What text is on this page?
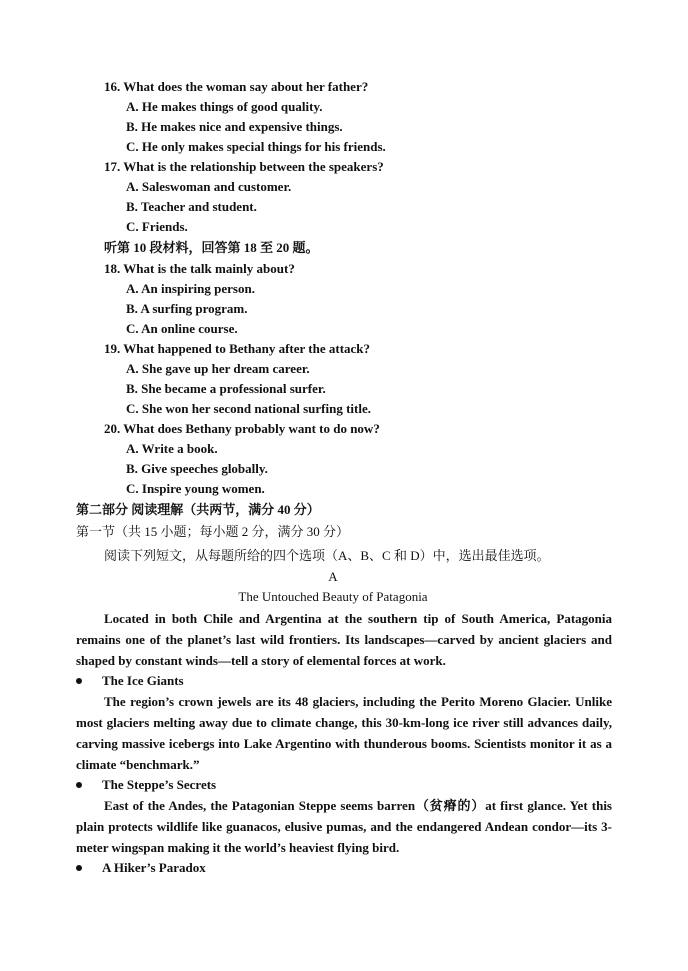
16. What does the woman say about her father?
A. He makes things of good quality.
B. He makes nice and expensive things.
C. He only makes special things for his friends.
17. What is the relationship between the speakers?
A. Saleswoman and customer.
B. Teacher and student.
C. Friends.
听第 10 段材料，回答第 18 至 20 题。
18. What is the talk mainly about?
A. An inspiring person.
B. A surfing program.
C. An online course.
19. What happened to Bethany after the attack?
A. She gave up her dream career.
B. She became a professional surfer.
C. She won her second national surfing title.
20. What does Bethany probably want to do now?
A. Write a book.
B. Give speeches globally.
C. Inspire young women.
第二部分 阅读理解（共两节，满分 40 分）
第一节（共 15 小题；每小题 2 分，满分 30 分）
阅读下列短文，从每题所给的四个选项（A、B、C 和 D）中，选出最佳选项。
A
The Untouched Beauty of Patagonia
Located in both Chile and Argentina at the southern tip of South America, Patagonia remains one of the planet’s last wild frontiers. Its landscapes—carved by ancient glaciers and shaped by constant winds—tell a story of elemental forces at work.
The Ice Giants
The region’s crown jewels are its 48 glaciers, including the Perito Moreno Glacier. Unlike most glaciers melting away due to climate change, this 30-km-long ice river still advances daily, carving massive icebergs into Lake Argentino with thunderous booms. Scientists monitor it as a climate “benchmark.”
The Steppe’s Secrets
East of the Andes, the Patagonian Steppe seems barren（贫瘠的）at first glance. Yet this plain protects wildlife like guanacos, elusive pumas, and the endangered Andean condor—its 3-meter wingspan making it the world’s heaviest flying bird.
A Hiker’s Paradox
